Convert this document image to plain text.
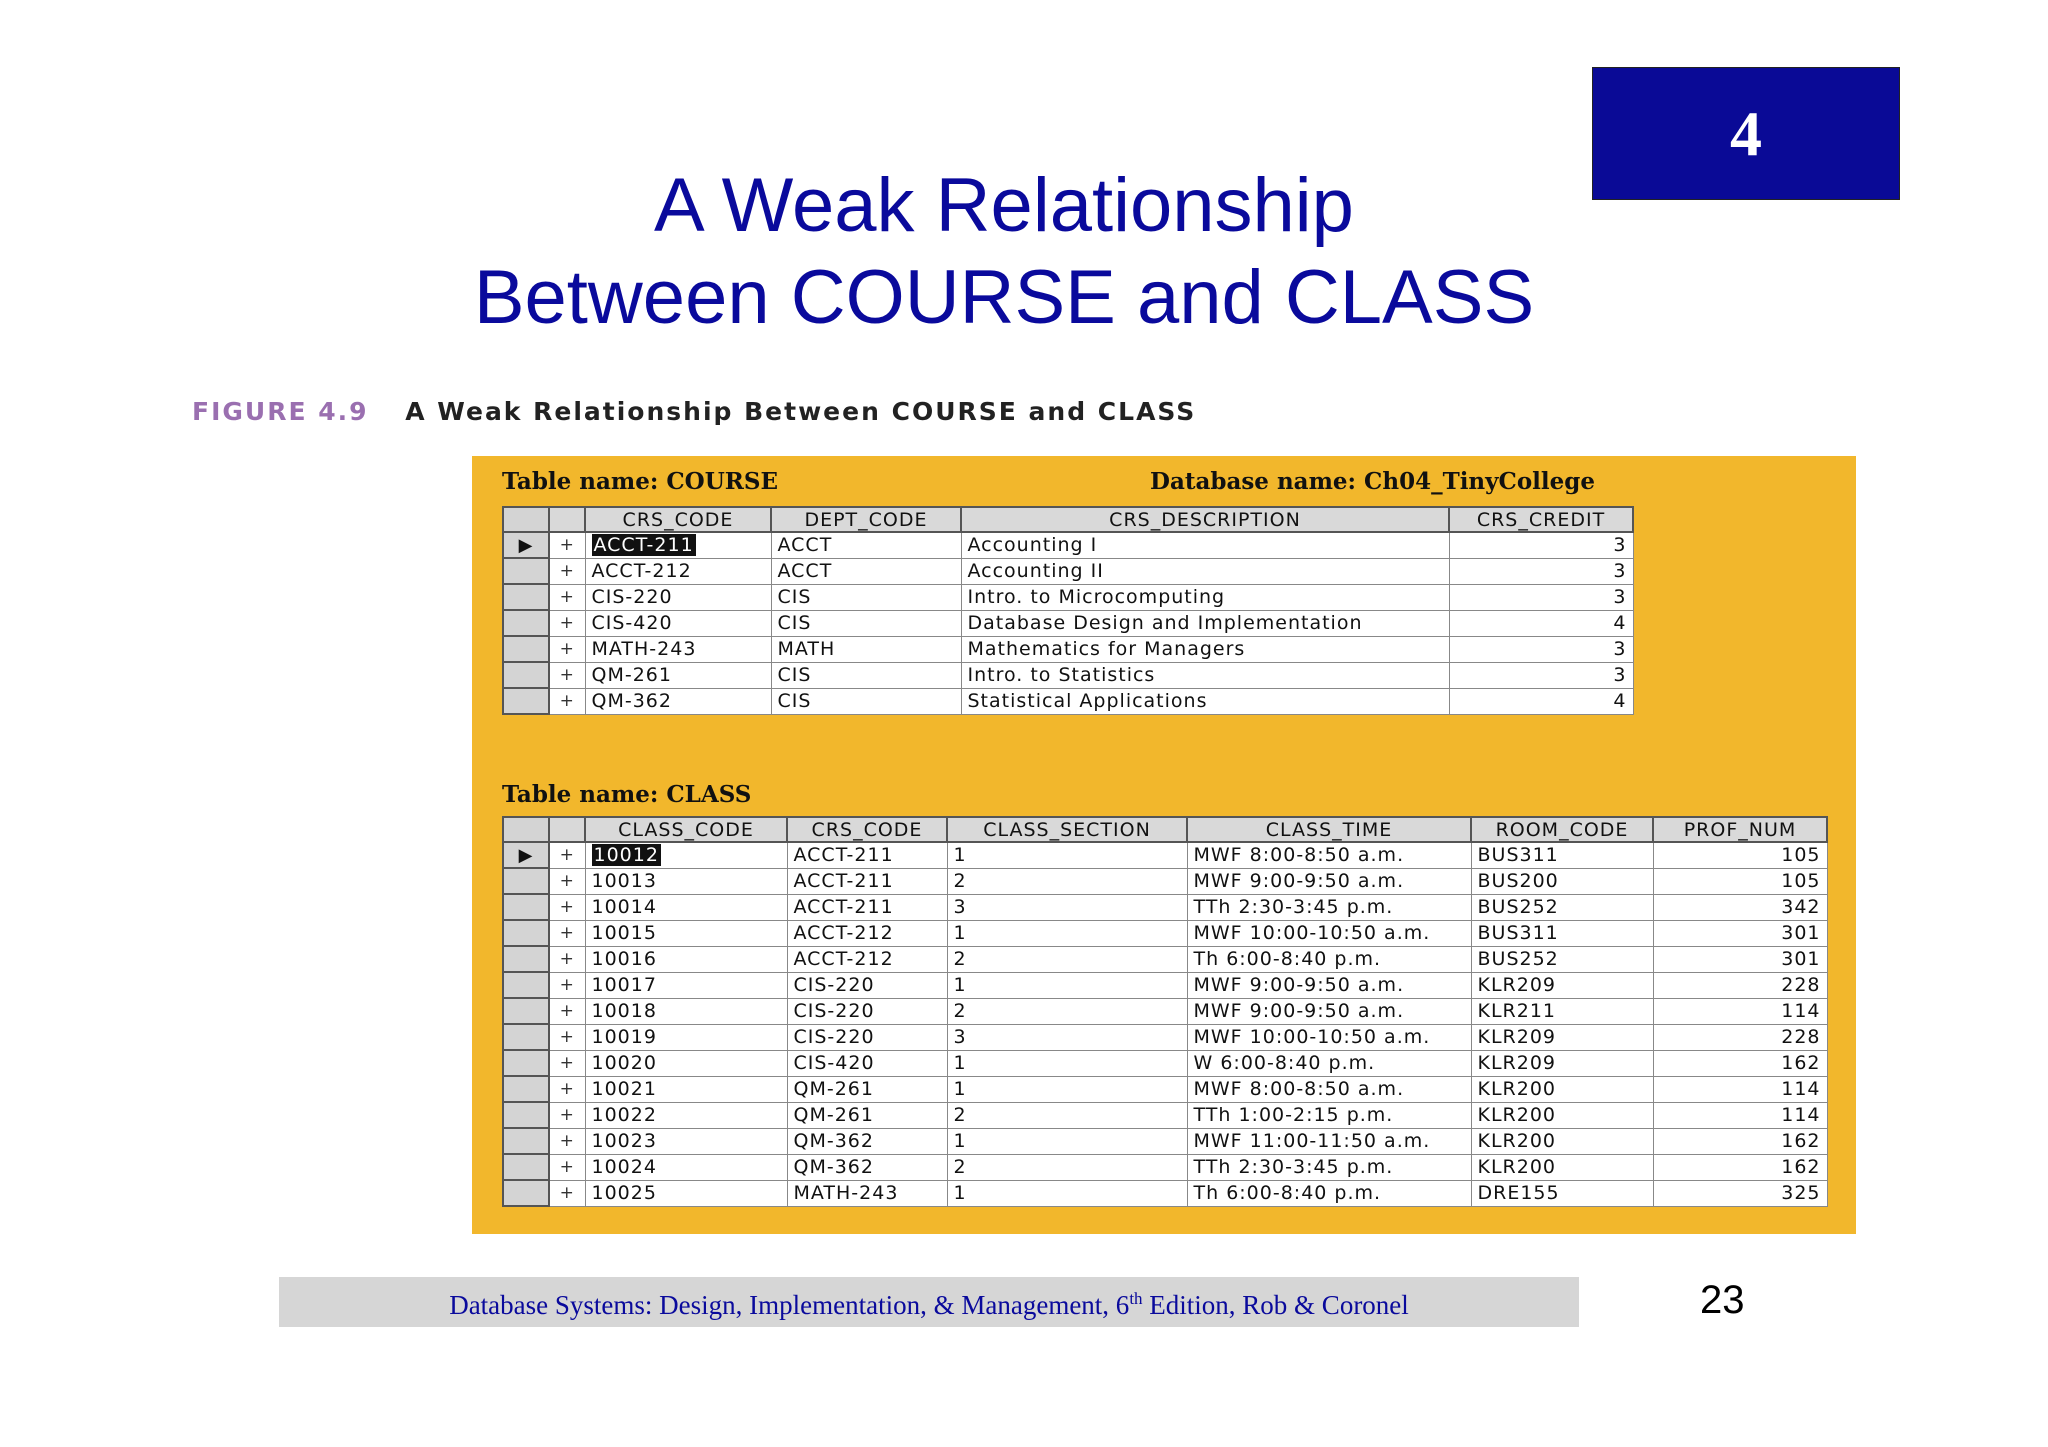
4
A Weak Relationship
Between COURSE and CLASS
FIGURE 4.9 A Weak Relationship Between COURSE and CLASS
Table name: COURSE	Database name: Ch04_TinyCollege
		CRS_CODE	DEPT_CODE	CRS_DESCRIPTION	CRS_CREDIT
▶	+	ACCT-211	ACCT	Accounting I	3
	+	ACCT-212	ACCT	Accounting II	3
	+	CIS-220	CIS	Intro. to Microcomputing	3
	+	CIS-420	CIS	Database Design and Implementation	4
	+	MATH-243	MATH	Mathematics for Managers	3
	+	QM-261	CIS	Intro. to Statistics	3
	+	QM-362	CIS	Statistical Applications	4
Table name: CLASS
		CLASS_CODE	CRS_CODE	CLASS_SECTION	CLASS_TIME	ROOM_CODE	PROF_NUM
▶	+	10012	ACCT-211	1	MWF 8:00-8:50 a.m.	BUS311	105
	+	10013	ACCT-211	2	MWF 9:00-9:50 a.m.	BUS200	105
	+	10014	ACCT-211	3	TTh 2:30-3:45 p.m.	BUS252	342
	+	10015	ACCT-212	1	MWF 10:00-10:50 a.m.	BUS311	301
	+	10016	ACCT-212	2	Th 6:00-8:40 p.m.	BUS252	301
	+	10017	CIS-220	1	MWF 9:00-9:50 a.m.	KLR209	228
	+	10018	CIS-220	2	MWF 9:00-9:50 a.m.	KLR211	114
	+	10019	CIS-220	3	MWF 10:00-10:50 a.m.	KLR209	228
	+	10020	CIS-420	1	W 6:00-8:40 p.m.	KLR209	162
	+	10021	QM-261	1	MWF 8:00-8:50 a.m.	KLR200	114
	+	10022	QM-261	2	TTh 1:00-2:15 p.m.	KLR200	114
	+	10023	QM-362	1	MWF 11:00-11:50 a.m.	KLR200	162
	+	10024	QM-362	2	TTh 2:30-3:45 p.m.	KLR200	162
	+	10025	MATH-243	1	Th 6:00-8:40 p.m.	DRE155	325
Database Systems: Design, Implementation, & Management, 6th Edition, Rob & Coronel	23
